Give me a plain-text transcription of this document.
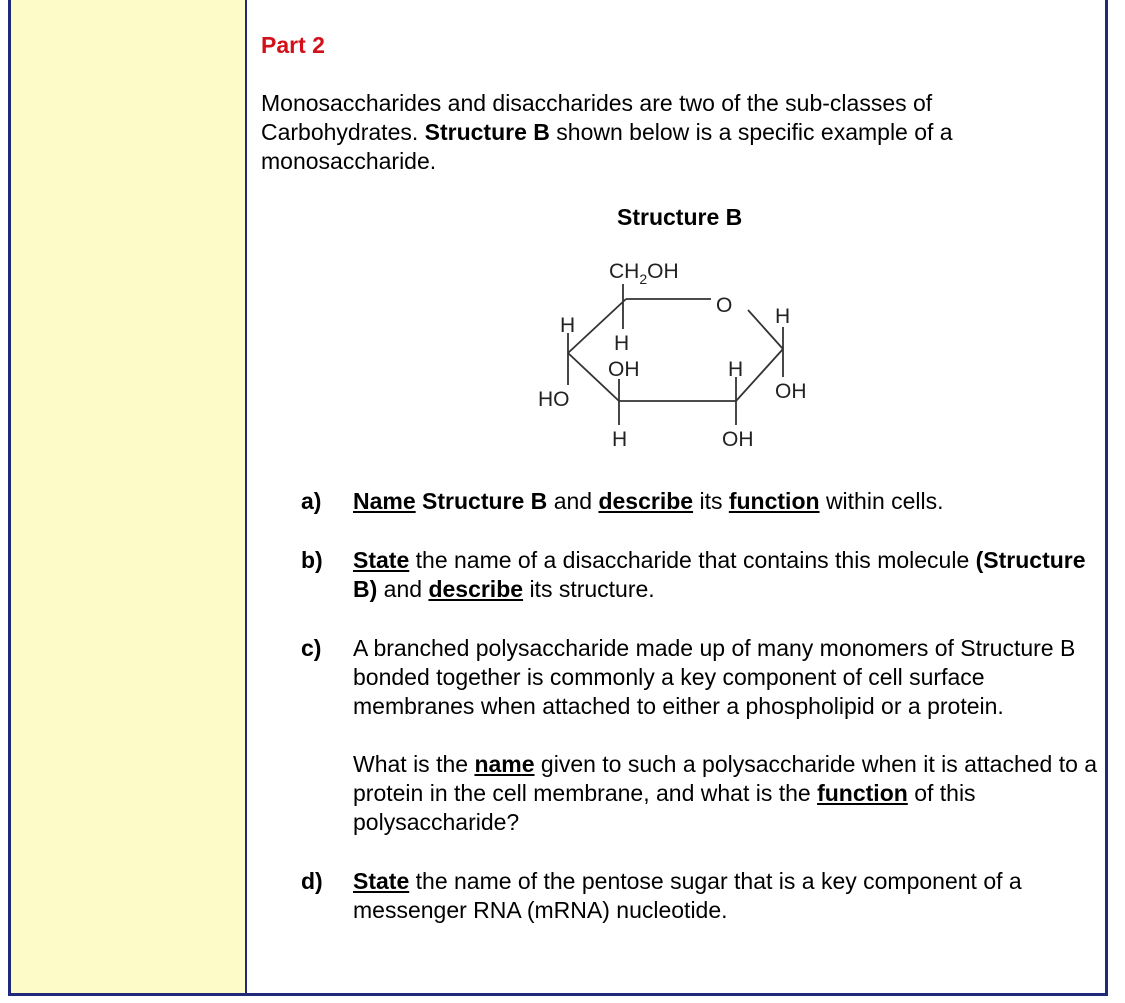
Part 2

Monosaccharides and disaccharides are two of the sub-classes of Carbohydrates. Structure B shown below is a specific example of a monosaccharide.

Structure B

$CH_2OH$
O H
OH
H
HO
H
OH
H
H
OH
a) Name Structure B and describe its function within cells.

b) State the name of a disaccharide that contains this molecule (Structure B) and describe its structure.

c) A branched polysaccharide made up of many monomers of Structure B bonded together is commonly a key component of cell surface membranes when attached to either a phospholipid or a protein.

What is the name given to such a polysaccharide when it is attached to a protein in the cell membrane, and what is the function of this polysaccharide?

d) State the name of the pentose sugar that is a key component of a messenger RNA (mRNA) nucleotide.
